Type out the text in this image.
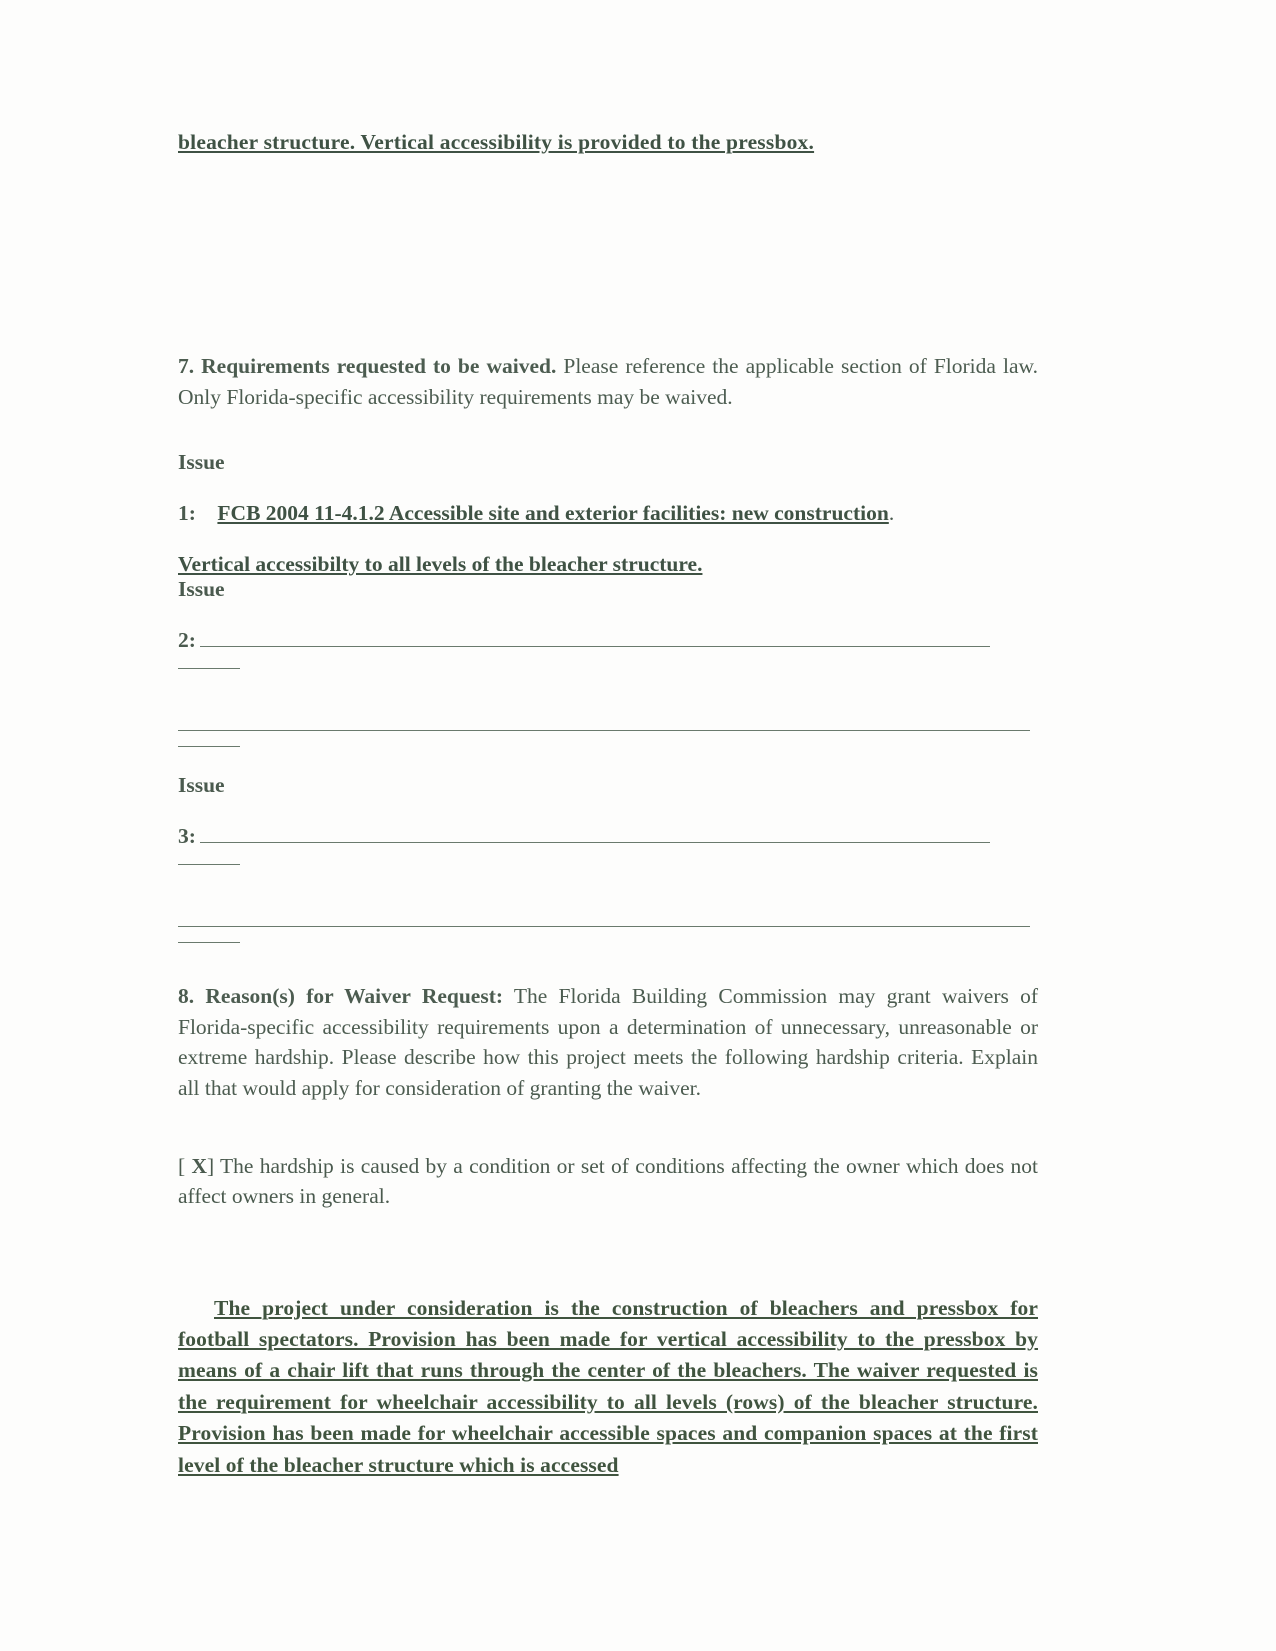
bleacher structure. Vertical accessibility is provided to the pressbox.

7. Requirements requested to be waived. Please reference the applicable section of Florida law. Only Florida-specific accessibility requirements may be waived.

Issue
1: FCB 2004 11-4.1.2 Accessible site and exterior facilities: new construction.
Vertical accessibilty to all levels of the bleacher structure.
Issue
2:
Issue
3:

8. Reason(s) for Waiver Request: The Florida Building Commission may grant waivers of Florida-specific accessibility requirements upon a determination of unnecessary, unreasonable or extreme hardship. Please describe how this project meets the following hardship criteria. Explain all that would apply for consideration of granting the waiver.

[ X] The hardship is caused by a condition or set of conditions affecting the owner which does not affect owners in general.

The project under consideration is the construction of bleachers and pressbox for football spectators. Provision has been made for vertical accessibility to the pressbox by means of a chair lift that runs through the center of the bleachers. The waiver requested is the requirement for wheelchair accessibility to all levels (rows) of the bleacher structure. Provision has been made for wheelchair accessible spaces and companion spaces at the first level of the bleacher structure which is accessed
